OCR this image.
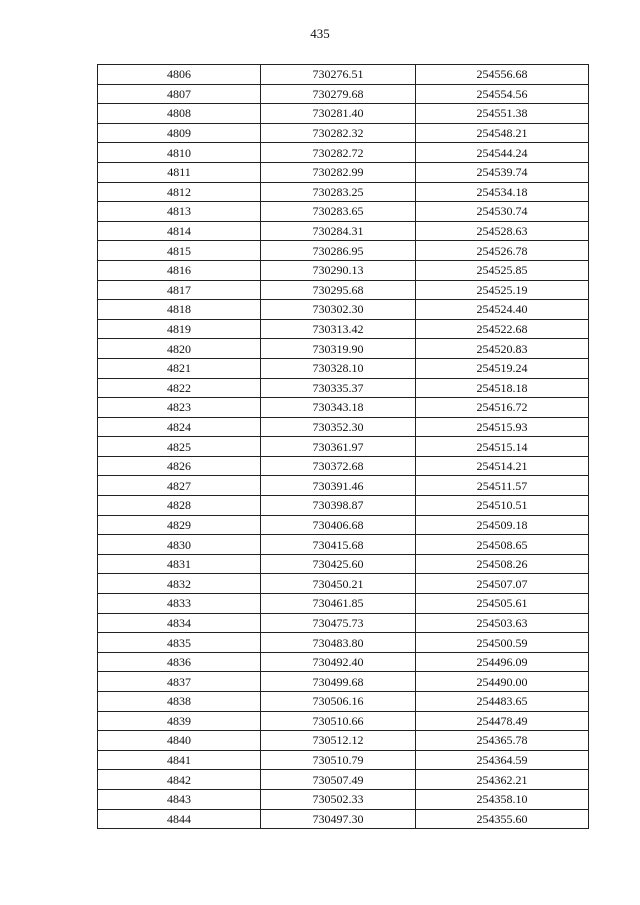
435
4806	730276.51	254556.68
4807	730279.68	254554.56
4808	730281.40	254551.38
4809	730282.32	254548.21
4810	730282.72	254544.24
4811	730282.99	254539.74
4812	730283.25	254534.18
4813	730283.65	254530.74
4814	730284.31	254528.63
4815	730286.95	254526.78
4816	730290.13	254525.85
4817	730295.68	254525.19
4818	730302.30	254524.40
4819	730313.42	254522.68
4820	730319.90	254520.83
4821	730328.10	254519.24
4822	730335.37	254518.18
4823	730343.18	254516.72
4824	730352.30	254515.93
4825	730361.97	254515.14
4826	730372.68	254514.21
4827	730391.46	254511.57
4828	730398.87	254510.51
4829	730406.68	254509.18
4830	730415.68	254508.65
4831	730425.60	254508.26
4832	730450.21	254507.07
4833	730461.85	254505.61
4834	730475.73	254503.63
4835	730483.80	254500.59
4836	730492.40	254496.09
4837	730499.68	254490.00
4838	730506.16	254483.65
4839	730510.66	254478.49
4840	730512.12	254365.78
4841	730510.79	254364.59
4842	730507.49	254362.21
4843	730502.33	254358.10
4844	730497.30	254355.60
